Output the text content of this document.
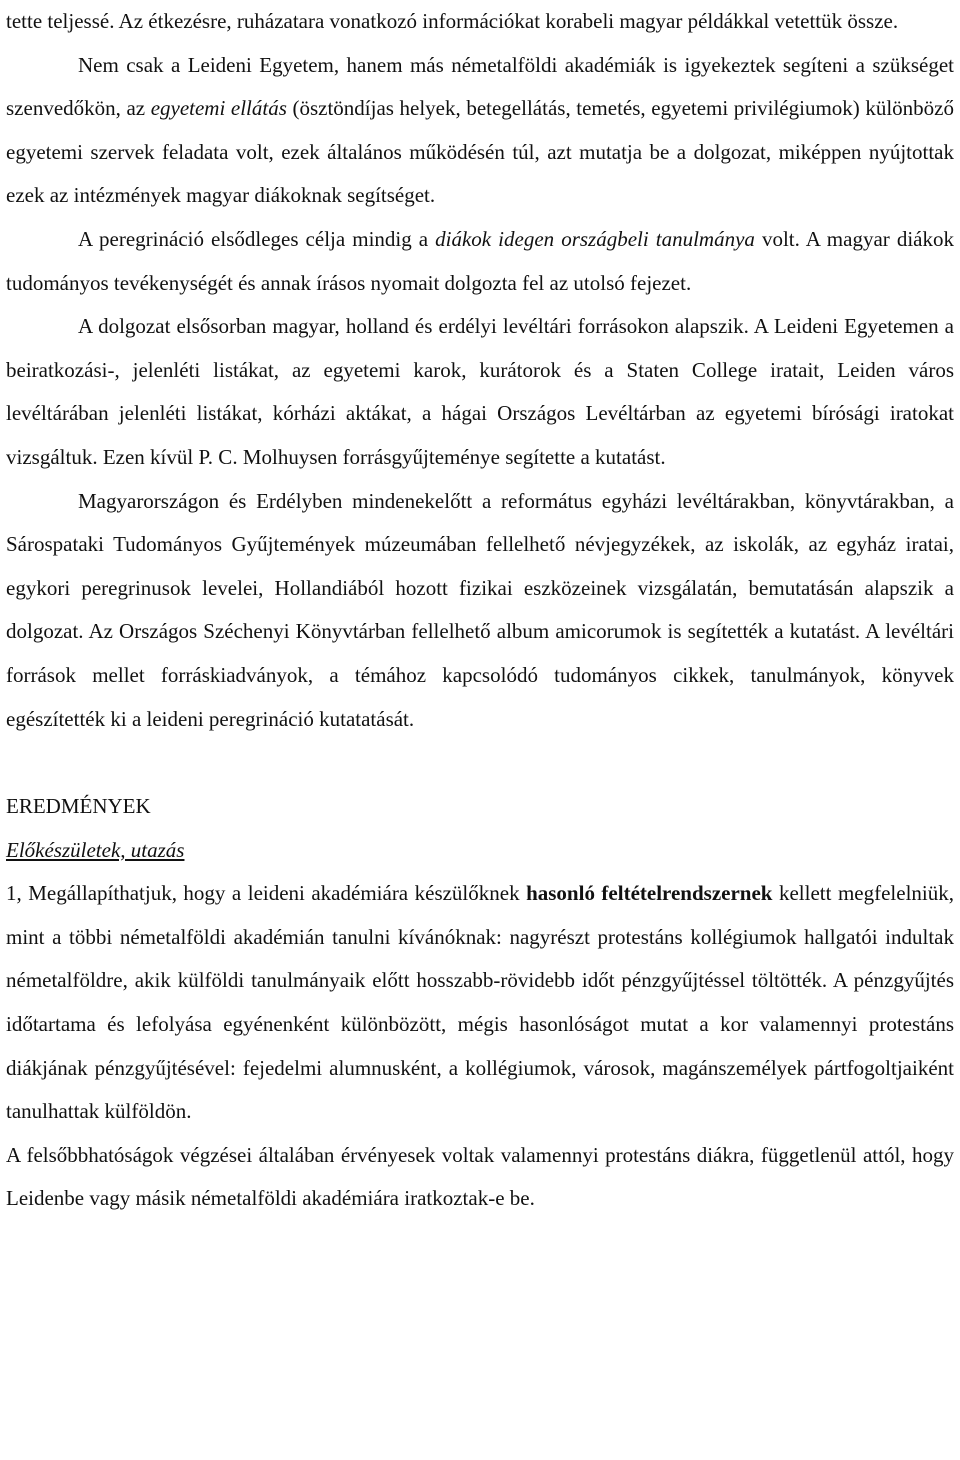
tette teljessé. Az étkezésre, ruházatara vonatkozó információkat korabeli magyar példákkal vetettük össze.

Nem csak a Leideni Egyetem, hanem más németalföldi akadémiák is igyekeztek segíteni a szükséget szenvedőkön, az egyetemi ellátás (ösztöndíjas helyek, betegellátás, temetés, egyetemi privilégiumok) különböző egyetemi szervek feladata volt, ezek általános működésén túl, azt mutatja be a dolgozat, miképpen nyújtottak ezek az intézmények magyar diákoknak segítséget.

A peregrináció elsődleges célja mindig a diákok idegen országbeli tanulmánya volt. A magyar diákok tudományos tevékenységét és annak írásos nyomait dolgozta fel az utolsó fejezet.

A dolgozat elsősorban magyar, holland és erdélyi levéltári forrásokon alapszik. A Leideni Egyetemen a beiratkozási-, jelenléti listákat, az egyetemi karok, kurátorok és a Staten College iratait, Leiden város levéltárában jelenléti listákat, kórházi aktákat, a hágai Országos Levéltárban az egyetemi bírósági iratokat vizsgáltuk. Ezen kívül P. C. Molhuysen forrásgyűjteménye segítette a kutatást.

Magyarországon és Erdélyben mindenekelőtt a református egyházi levéltárakban, könyvtárakban, a Sárospataki Tudományos Gyűjtemények múzeumában fellelhető névjegyzékek, az iskolák, az egyház iratai, egykori peregrinusok levelei, Hollandiából hozott fizikai eszközeinek vizsgálatán, bemutatásán alapszik a dolgozat. Az Országos Széchenyi Könyvtárban fellelhető album amicorumok is segítették a kutatást. A levéltári források mellet forráskiadványok, a témához kapcsolódó tudományos cikkek, tanulmányok, könyvek egészítették ki a leideni peregrináció kutatatását.

EREDMÉNYEK

Előkészületek, utazás

1, Megállapíthatjuk, hogy a leideni akadémiára készülőknek hasonló feltételrendszernek kellett megfelelniük, mint a többi németalföldi akadémián tanulni kívánóknak: nagyrészt protestáns kollégiumok hallgatói indultak németalföldre, akik külföldi tanulmányaik előtt hosszabb-rövidebb időt pénzgyűjtéssel töltötték. A pénzgyűjtés időtartama és lefolyása egyénenként különbözött, mégis hasonlóságot mutat a kor valamennyi protestáns diákjának pénzgyűjtésével: fejedelmi alumnusként, a kollégiumok, városok, magánszemélyek pártfogoltjaiként tanulhattak külföldön.

A felsőbbhatóságok végzései általában érvényesek voltak valamennyi protestáns diákra, függetlenül attól, hogy Leidenbe vagy másik németalföldi akadémiára iratkoztak-e be.
